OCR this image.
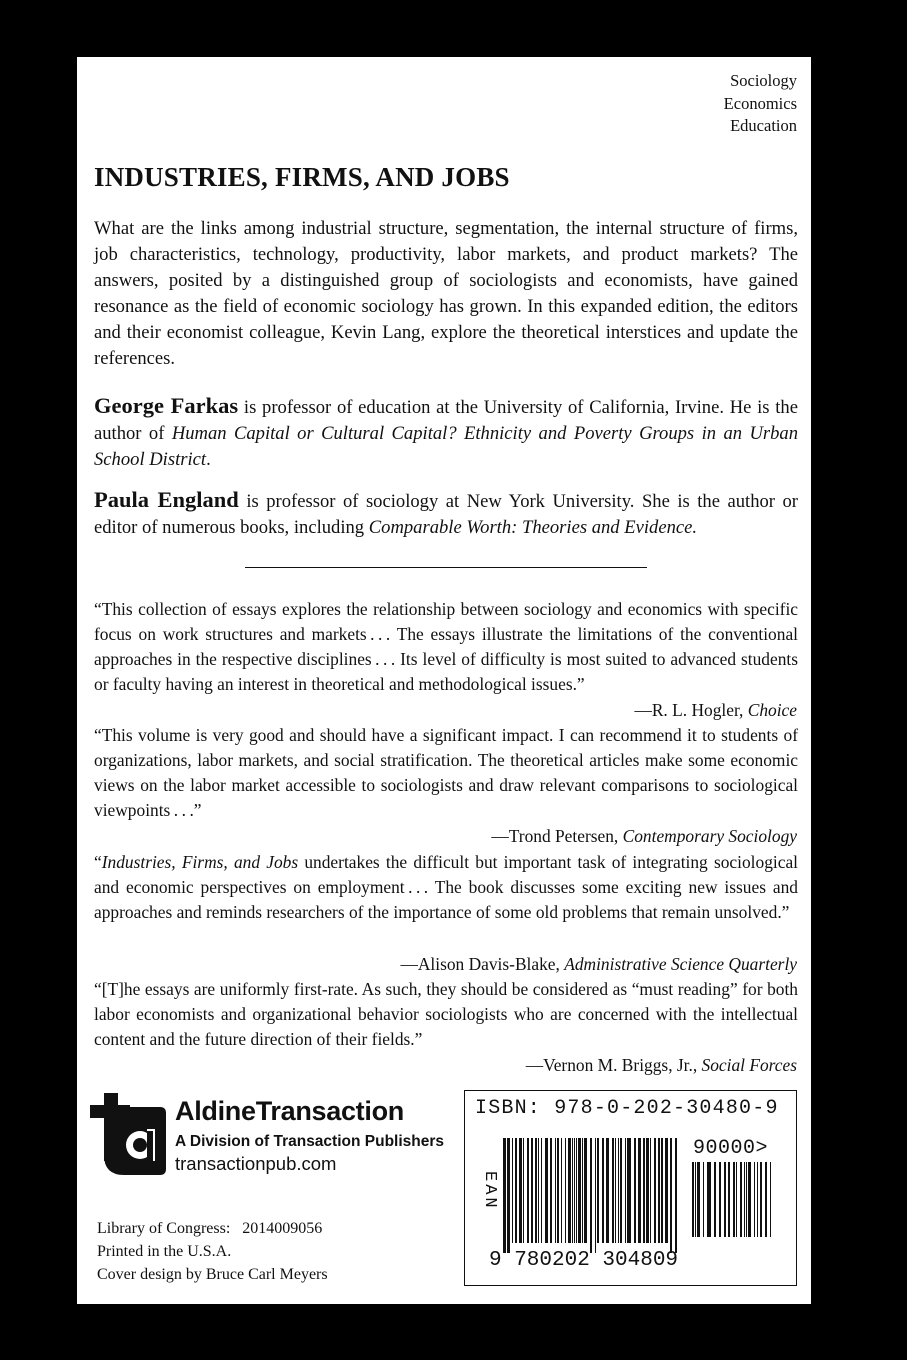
Sociology
Economics
Education
INDUSTRIES, FIRMS, AND JOBS
What are the links among industrial structure, segmentation, the internal structure of firms, job characteristics, technology, productivity, labor markets, and product markets? The answers, posited by a distinguished group of sociologists and economists, have gained resonance as the field of economic sociology has grown. In this expanded edition, the editors and their economist colleague, Kevin Lang, explore the theoretical interstices and update the references.
George Farkas is professor of education at the University of California, Irvine. He is the author of Human Capital or Cultural Capital? Ethnicity and Poverty Groups in an Urban School District.
Paula England is professor of sociology at New York University. She is the author or editor of numerous books, including Comparable Worth: Theories and Evidence.
“This collection of essays explores the relationship between sociology and economics with specific focus on work structures and markets . . . The essays illustrate the limitations of the conventional approaches in the respective disciplines . . . Its level of difficulty is most suited to advanced students or faculty having an interest in theoretical and methodological issues.”
—R. L. Hogler, Choice
“This volume is very good and should have a significant impact. I can recommend it to students of organizations, labor markets, and social stratification. The theoretical articles make some economic views on the labor market accessible to sociologists and draw relevant comparisons to sociological viewpoints . . .”
—Trond Petersen, Contemporary Sociology
“Industries, Firms, and Jobs undertakes the difficult but important task of integrating sociological and economic perspectives on employment . . . The book discusses some exciting new issues and approaches and reminds researchers of the importance of some old problems that remain unsolved.”
—Alison Davis-Blake, Administrative Science Quarterly
“[T]he essays are uniformly first-rate. As such, they should be considered as “must reading” for both labor economists and organizational behavior sociologists who are concerned with the intellectual content and the future direction of their fields.”
—Vernon M. Briggs, Jr., Social Forces
AldineTransaction
A Division of Transaction Publishers
transactionpub.com
Library of Congress:  2014009056
Printed in the U.S.A.
Cover design by Bruce Carl Meyers
ISBN: 978-0-202-30480-9
90000>
EAN
9 780202 304809
